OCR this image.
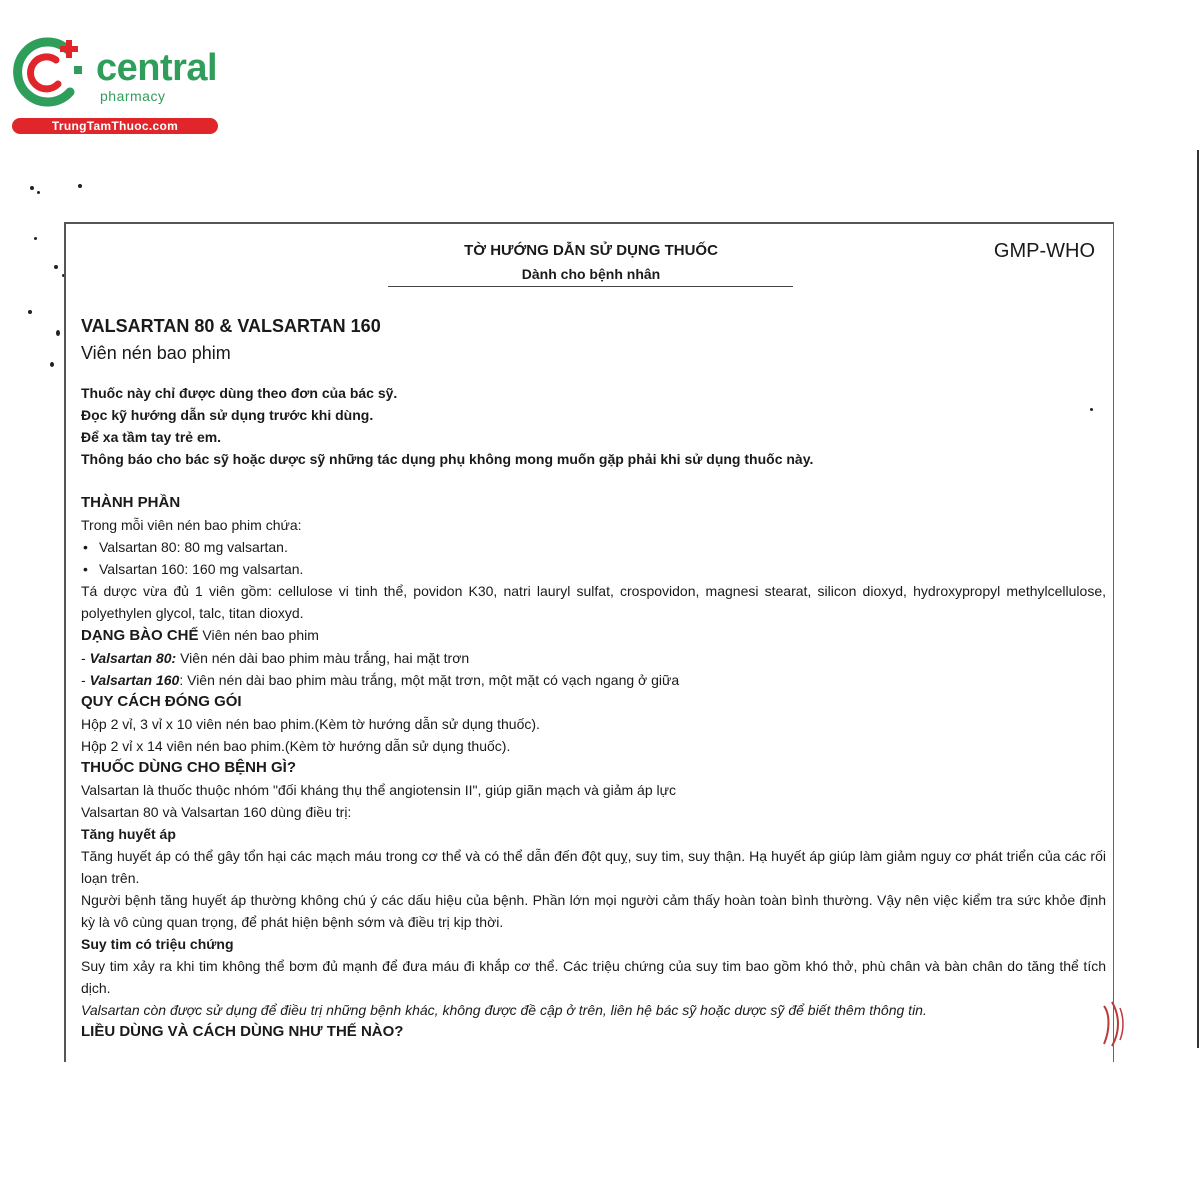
central
pharmacy
TrungTamThuoc.com
TỜ HƯỚNG DẪN SỬ DỤNG THUỐC
Dành cho bệnh nhân
GMP-WHO

VALSARTAN 80 & VALSARTAN 160

Viên nén bao phim

Thuốc này chỉ được dùng theo đơn của bác sỹ.

Đọc kỹ hướng dẫn sử dụng trước khi dùng.

Để xa tầm tay trẻ em.

Thông báo cho bác sỹ hoặc dược sỹ những tác dụng phụ không mong muốn gặp phải khi sử dụng thuốc này.

THÀNH PHẦN

Trong mỗi viên nén bao phim chứa:

• Valsartan 80: 80 mg valsartan.

• Valsartan 160: 160 mg valsartan.

Tá dược vừa đủ 1 viên gồm: cellulose vi tinh thể, povidon K30, natri lauryl sulfat, crospovidon, magnesi stearat, silicon dioxyd, hydroxypropyl methylcellulose, polyethylen glycol, talc, titan dioxyd.

DẠNG BÀO CHẾ Viên nén bao phim

- Valsartan 80: Viên nén dài bao phim màu trắng, hai mặt trơn

- Valsartan 160: Viên nén dài bao phim màu trắng, một mặt trơn, một mặt có vạch ngang ở giữa

QUY CÁCH ĐÓNG GÓI

Hộp 2 vỉ, 3 vỉ x 10 viên nén bao phim.(Kèm tờ hướng dẫn sử dụng thuốc).

Hộp 2 vỉ x 14 viên nén bao phim.(Kèm tờ hướng dẫn sử dụng thuốc).

THUỐC DÙNG CHO BỆNH GÌ?

Valsartan là thuốc thuộc nhóm "đối kháng thụ thể angiotensin II", giúp giãn mạch và giảm áp lực

Valsartan 80 và Valsartan 160 dùng điều trị:

Tăng huyết áp

Tăng huyết áp có thể gây tổn hại các mạch máu trong cơ thể và có thể dẫn đến đột quỵ, suy tim, suy thận. Hạ huyết áp giúp làm giảm nguy cơ phát triển của các rối loạn trên.

Người bệnh tăng huyết áp thường không chú ý các dấu hiệu của bệnh. Phần lớn mọi người cảm thấy hoàn toàn bình thường. Vậy nên việc kiểm tra sức khỏe định kỳ là vô cùng quan trọng, để phát hiện bệnh sớm và điều trị kịp thời.

Suy tim có triệu chứng

Suy tim xảy ra khi tim không thể bơm đủ mạnh để đưa máu đi khắp cơ thể. Các triệu chứng của suy tim bao gồm khó thở, phù chân và bàn chân do tăng thể tích dịch.

Valsartan còn được sử dụng để điều trị những bệnh khác, không được đề cập ở trên, liên hệ bác sỹ hoặc dược sỹ để biết thêm thông tin.

LIỀU DÙNG VÀ CÁCH DÙNG NHƯ THẾ NÀO?
